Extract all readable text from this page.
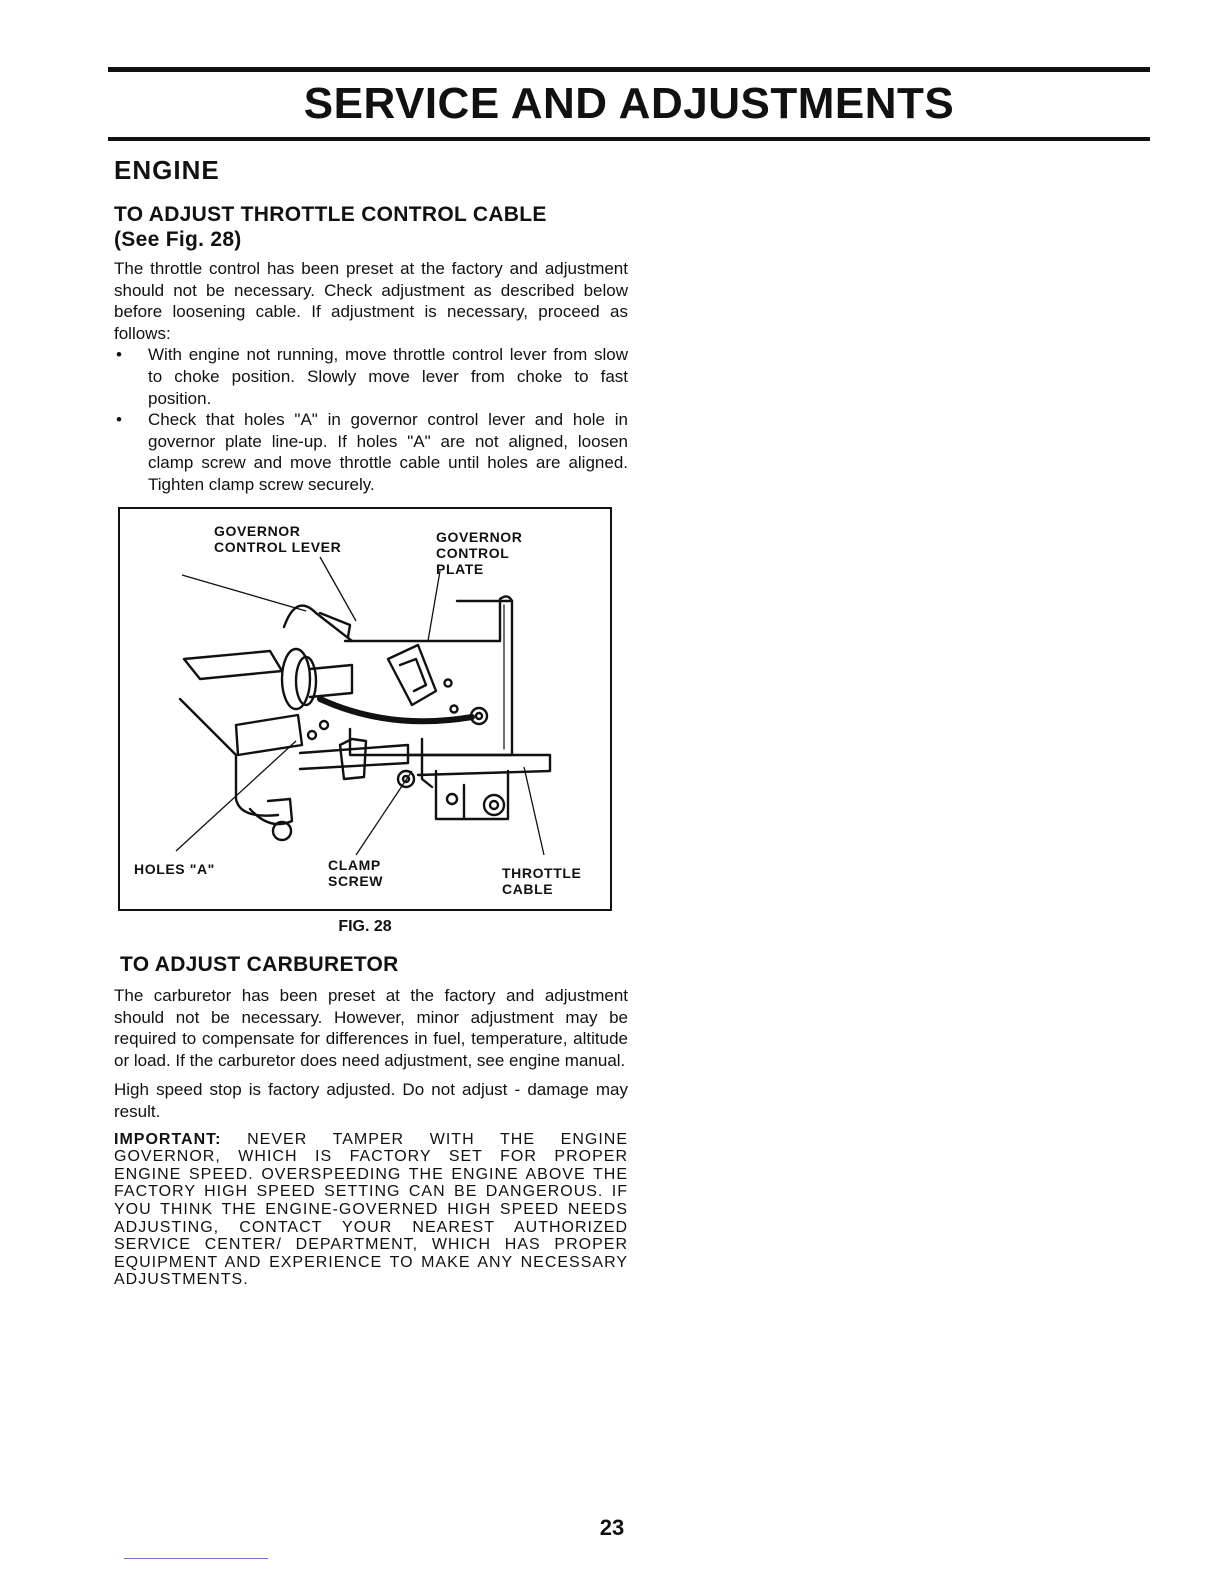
SERVICE AND ADJUSTMENTS
ENGINE
TO ADJUST THROTTLE CONTROL CABLE
(See Fig. 28)

The throttle control has been preset at the factory and adjustment should not be necessary. Check adjustment as described below before loosening cable. If adjustment is necessary, proceed as follows:

• With engine not running, move throttle control lever from slow to choke position. Slowly move lever from choke to fast position.
• Check that holes "A" in governor control lever and hole in governor plate line-up. If holes "A" are not aligned, loosen clamp screw and move throttle cable until holes are aligned. Tighten clamp screw securely.
GOVERNOR
CONTROL LEVER
GOVERNOR
CONTROL
PLATE
HOLES "A"	CLAMP
SCREW	THROTTLE
CABLE

FIG. 28

TO ADJUST CARBURETOR

The carburetor has been preset at the factory and adjustment should not be necessary. However, minor adjustment may be required to compensate for differences in fuel, temperature, altitude or load. If the carburetor does need adjustment, see engine manual.

High speed stop is factory adjusted. Do not adjust - damage may result.

IMPORTANT: NEVER TAMPER WITH THE ENGINE GOVERNOR, WHICH IS FACTORY SET FOR PROPER ENGINE SPEED. OVERSPEEDING THE ENGINE ABOVE THE FACTORY HIGH SPEED SETTING CAN BE DANGEROUS. IF YOU THINK THE ENGINE-GOVERNED HIGH SPEED NEEDS ADJUSTING, CONTACT YOUR NEAREST AUTHORIZED SERVICE CENTER/ DEPARTMENT, WHICH HAS PROPER EQUIPMENT AND EXPERIENCE TO MAKE ANY NECESSARY ADJUSTMENTS.

23
